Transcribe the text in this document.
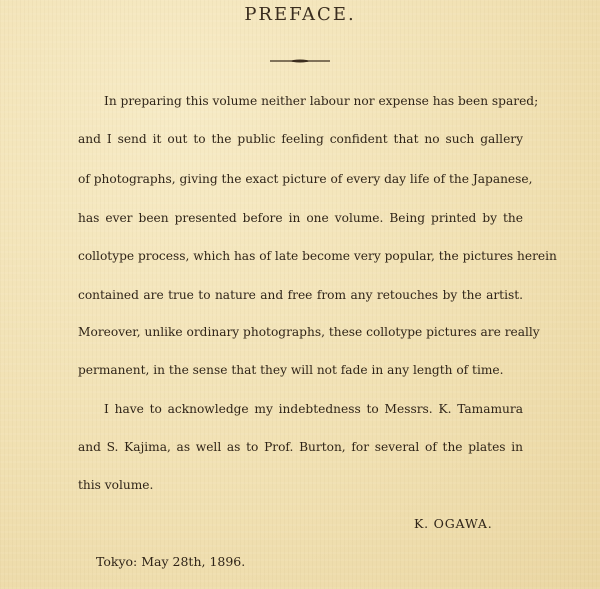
PREFACE.
In preparing this volume neither labour nor expense has been spared;
and I send it out to the public feeling confident that no such gallery
of photographs, giving the exact picture of every day life of the Japanese,
has ever been presented before in one volume. Being printed by the
collotype process, which has of late become very popular, the pictures herein
contained are true to nature and free from any retouches by the artist.
Moreover, unlike ordinary photographs, these collotype pictures are really
permanent, in the sense that they will not fade in any length of time.
I have to acknowledge my indebtedness to Messrs. K. Tamamura
and S. Kajima, as well as to Prof. Burton, for several of the plates in
this volume.
K. OGAWA.
Tokyo: May 28th, 1896.
